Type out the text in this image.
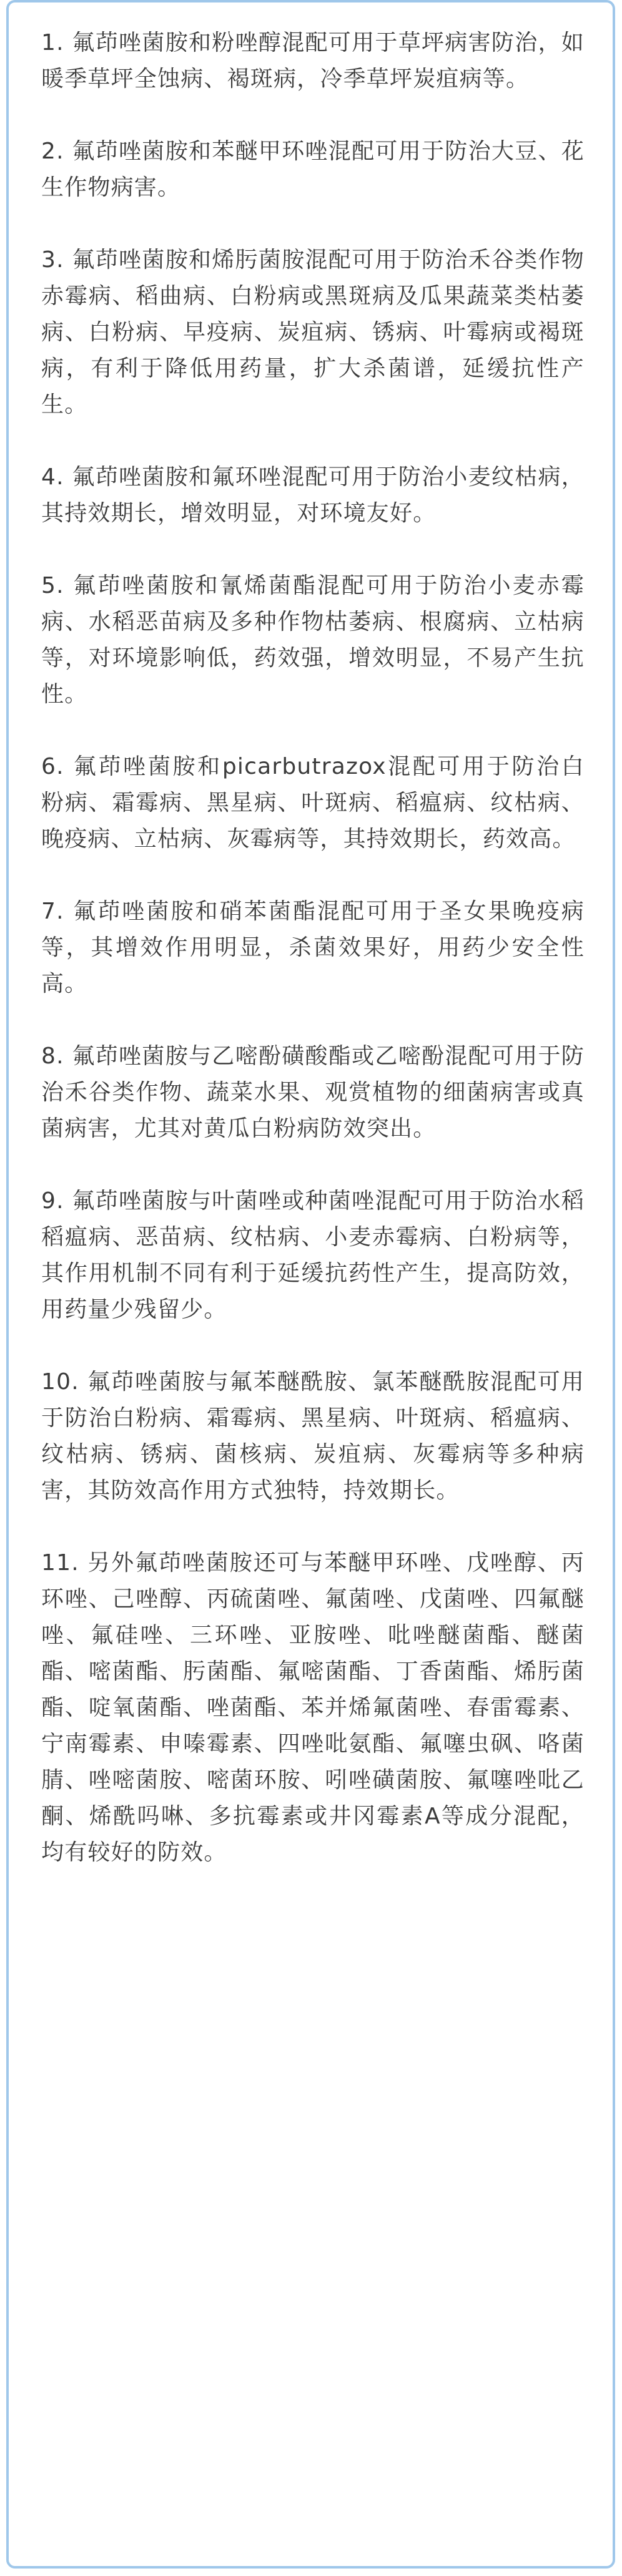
1. 氟茚唑菌胺和粉唑醇混配可用于草坪病害防治，如暖季草坪全蚀病、褐斑病，冷季草坪炭疽病等。

2. 氟茚唑菌胺和苯醚甲环唑混配可用于防治大豆、花生作物病害。

3. 氟茚唑菌胺和烯肟菌胺混配可用于防治禾谷类作物赤霉病、稻曲病、白粉病或黑斑病及瓜果蔬菜类枯萎病、白粉病、早疫病、炭疽病、锈病、叶霉病或褐斑病，有利于降低用药量，扩大杀菌谱，延缓抗性产生。

4. 氟茚唑菌胺和氟环唑混配可用于防治小麦纹枯病，其持效期长，增效明显，对环境友好。

5. 氟茚唑菌胺和氰烯菌酯混配可用于防治小麦赤霉病、水稻恶苗病及多种作物枯萎病、根腐病、立枯病等，对环境影响低，药效强，增效明显，不易产生抗性。

6. 氟茚唑菌胺和picarbutrazox混配可用于防治白粉病、霜霉病、黑星病、叶斑病、稻瘟病、纹枯病、晚疫病、立枯病、灰霉病等，其持效期长，药效高。

7. 氟茚唑菌胺和硝苯菌酯混配可用于圣女果晚疫病等，其增效作用明显，杀菌效果好，用药少安全性高。

8. 氟茚唑菌胺与乙嘧酚磺酸酯或乙嘧酚混配可用于防治禾谷类作物、蔬菜水果、观赏植物的细菌病害或真菌病害，尤其对黄瓜白粉病防效突出。

9. 氟茚唑菌胺与叶菌唑或种菌唑混配可用于防治水稻稻瘟病、恶苗病、纹枯病、小麦赤霉病、白粉病等，其作用机制不同有利于延缓抗药性产生，提高防效，用药量少残留少。

10. 氟茚唑菌胺与氟苯醚酰胺、氯苯醚酰胺混配可用于防治白粉病、霜霉病、黑星病、叶斑病、稻瘟病、纹枯病、锈病、菌核病、炭疽病、灰霉病等多种病害，其防效高作用方式独特，持效期长。

11. 另外氟茚唑菌胺还可与苯醚甲环唑、戊唑醇、丙环唑、己唑醇、丙硫菌唑、氟菌唑、戊菌唑、四氟醚唑、氟硅唑、三环唑、亚胺唑、吡唑醚菌酯、醚菌酯、嘧菌酯、肟菌酯、氟嘧菌酯、丁香菌酯、烯肟菌酯、啶氧菌酯、唑菌酯、苯并烯氟菌唑、春雷霉素、宁南霉素、申嗪霉素、四唑吡氨酯、氟噻虫砜、咯菌腈、唑嘧菌胺、嘧菌环胺、吲唑磺菌胺、氟噻唑吡乙酮、烯酰吗啉、多抗霉素或井冈霉素A等成分混配，均有较好的防效。
